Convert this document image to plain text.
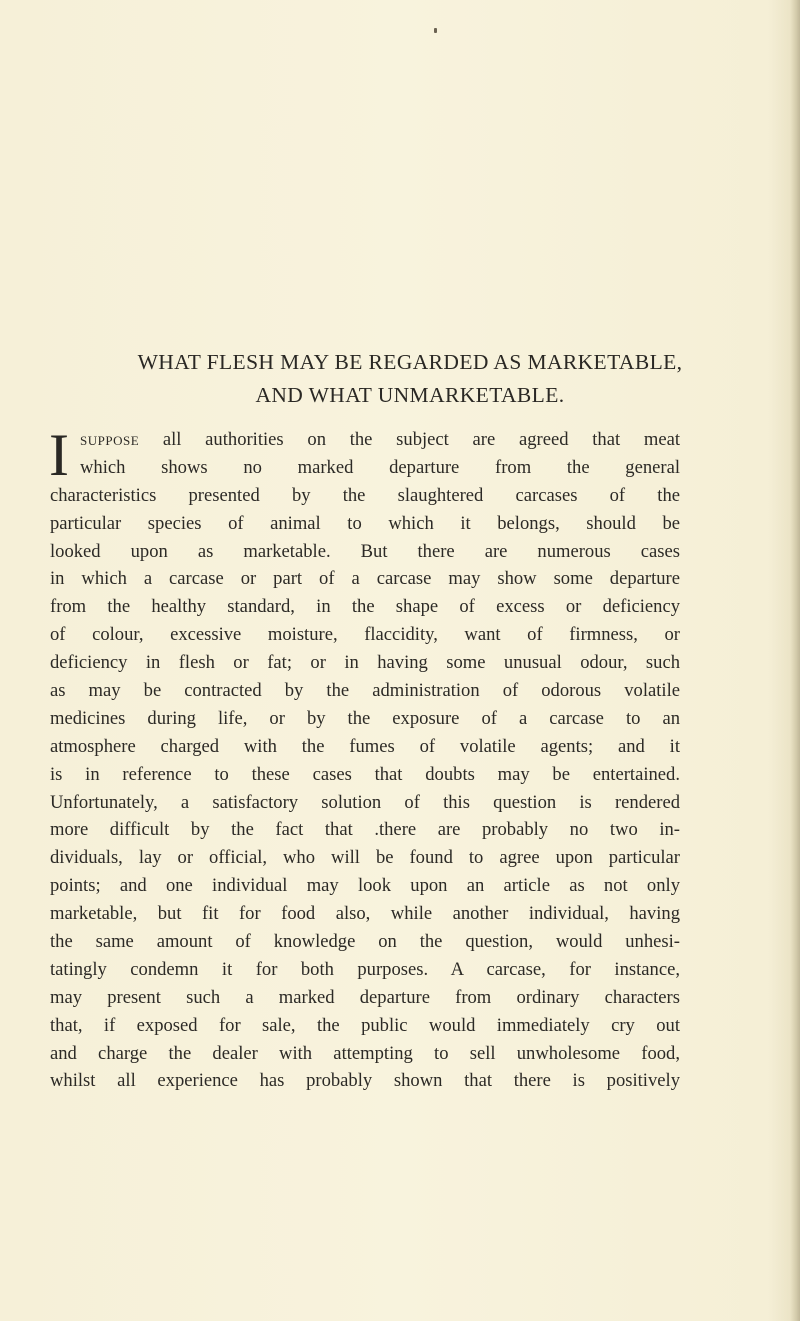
WHAT FLESH MAY BE REGARDED AS MARKETABLE,
AND WHAT UNMARKETABLE.
I suppose all authorities on the subject are agreed that meat
which shows no marked departure from the general
characteristics presented by the slaughtered carcases of the
particular species of animal to which it belongs, should be
looked upon as marketable. But there are numerous cases
in which a carcase or part of a carcase may show some departure
from the healthy standard, in the shape of excess or deficiency
of colour, excessive moisture, flaccidity, want of firmness, or
deficiency in flesh or fat; or in having some unusual odour, such
as may be contracted by the administration of odorous volatile
medicines during life, or by the exposure of a carcase to an
atmosphere charged with the fumes of volatile agents; and it
is in reference to these cases that doubts may be entertained.
Unfortunately, a satisfactory solution of this question is rendered
more difficult by the fact that .there are probably no two in-
dividuals, lay or official, who will be found to agree upon particular
points; and one individual may look upon an article as not only
marketable, but fit for food also, while another individual, having
the same amount of knowledge on the question, would unhesi-
tatingly condemn it for both purposes. A carcase, for instance,
may present such a marked departure from ordinary characters
that, if exposed for sale, the public would immediately cry out
and charge the dealer with attempting to sell unwholesome food,
whilst all experience has probably shown that there is positively
